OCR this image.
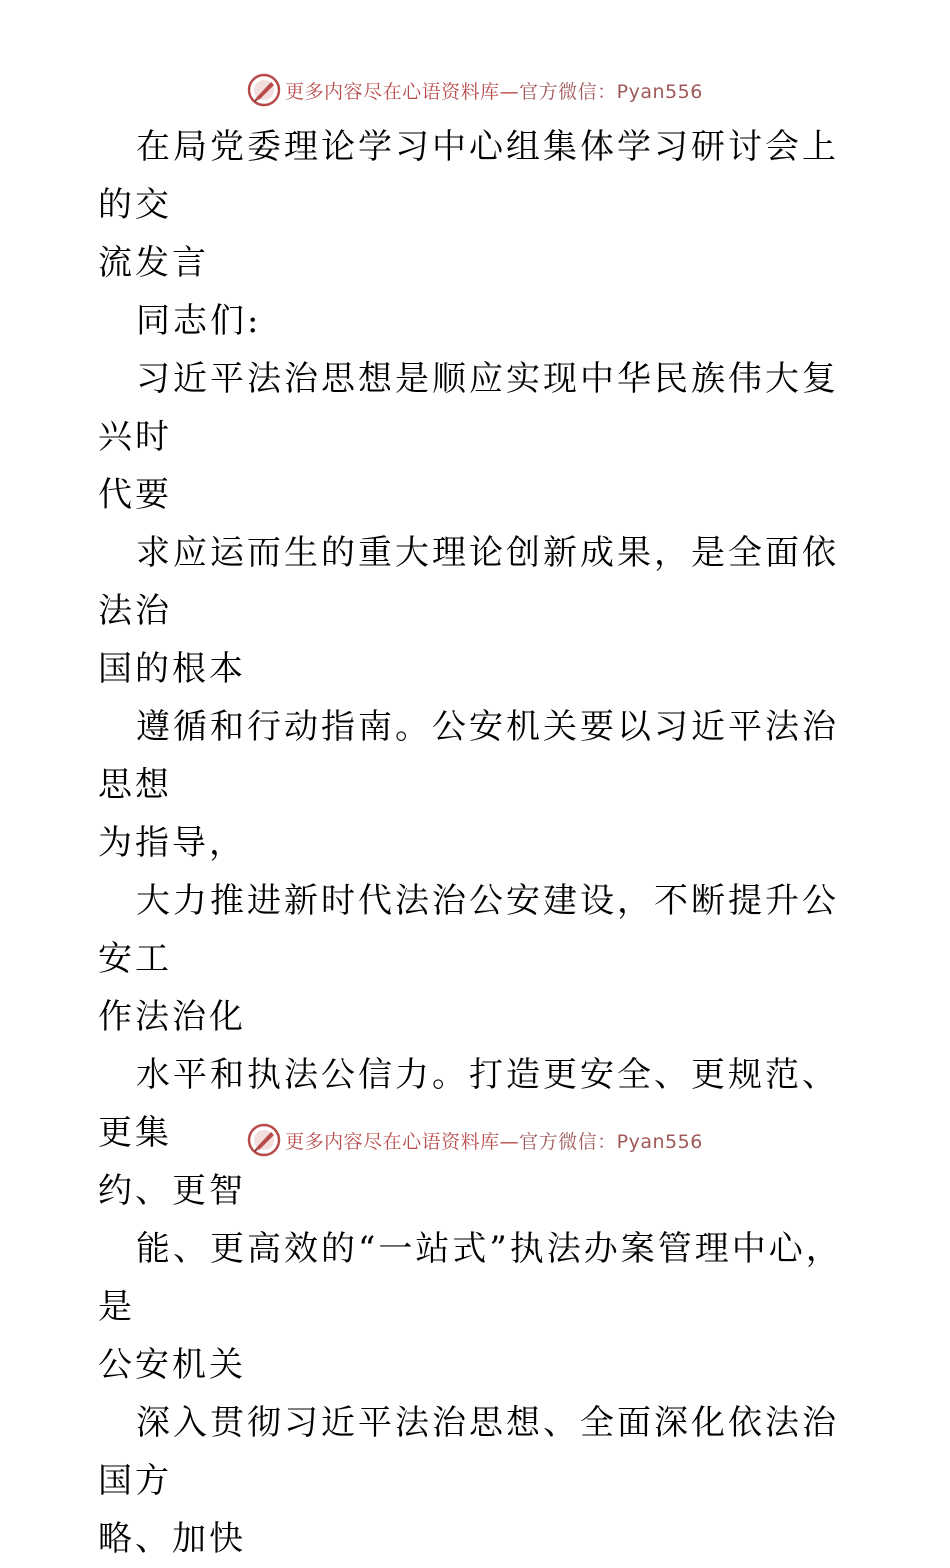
更多内容尽在心语资料库—官方微信：Pyan556

在局党委理论学习中心组集体学习研讨会上的交
流发言

同志们:

习近平法治思想是顺应实现中华民族伟大复兴时
代要

求应运而生的重大理论创新成果，是全面依法治
国的根本

遵循和行动指南。公安机关要以习近平法治思想
为指导，

大力推进新时代法治公安建设，不断提升公安工
作法治化

水平和执法公信力。打造更安全、更规范、更集
约、更智

能、更高效的“一站式”执法办案管理中心，是
公安机关

深入贯彻习近平法治思想、全面深化依法治国方
略、加快

更多内容尽在心语资料库—官方微信：Pyan556
